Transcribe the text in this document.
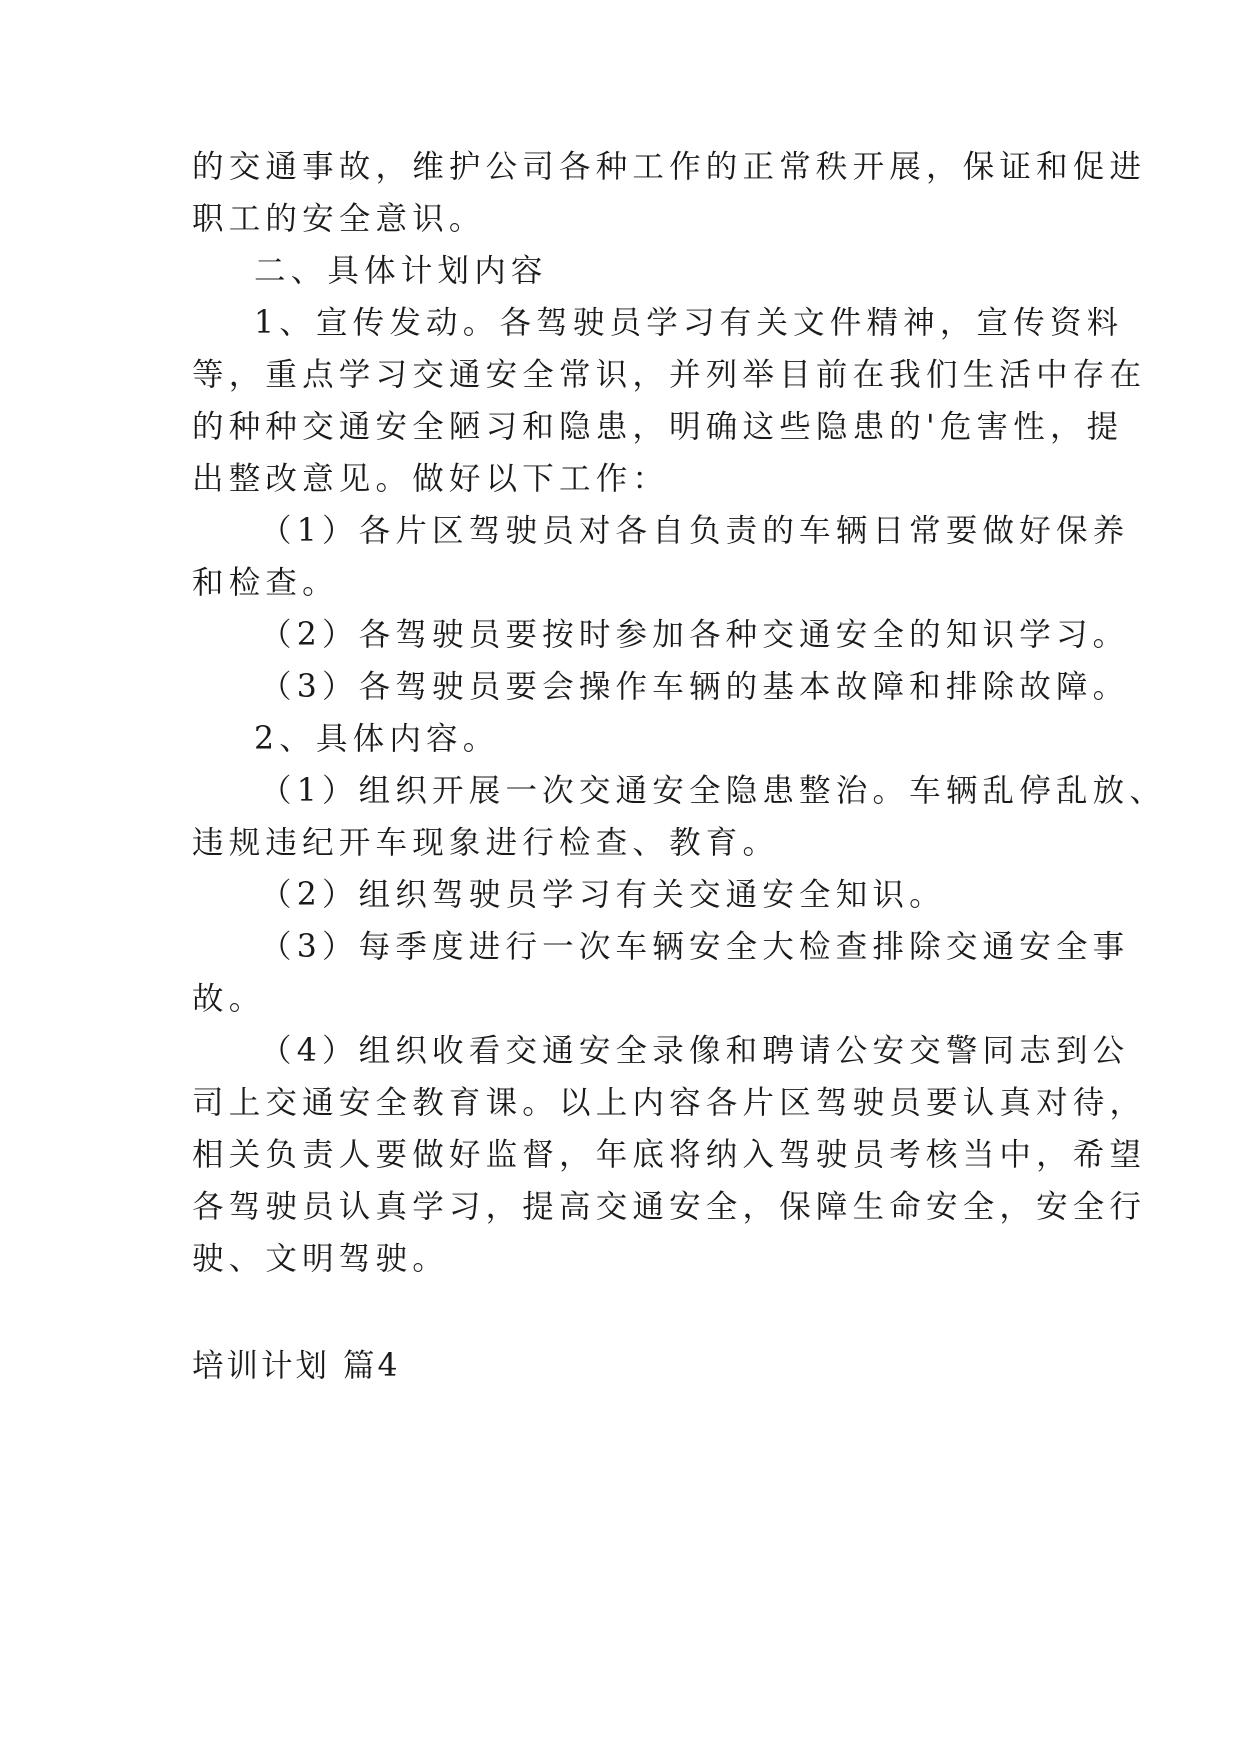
的交通事故，维护公司各种工作的正常秩开展，保证和促进
职工的安全意识。
二、具体计划内容
1、宣传发动。各驾驶员学习有关文件精神，宣传资料
等，重点学习交通安全常识，并列举目前在我们生活中存在
的种种交通安全陋习和隐患，明确这些隐患的'危害性，提
出整改意见。做好以下工作：
（1）各片区驾驶员对各自负责的车辆日常要做好保养
和检查。
（2）各驾驶员要按时参加各种交通安全的知识学习。
（3）各驾驶员要会操作车辆的基本故障和排除故障。
2、具体内容。
（1）组织开展一次交通安全隐患整治。车辆乱停乱放、
违规违纪开车现象进行检查、教育。
（2）组织驾驶员学习有关交通安全知识。
（3）每季度进行一次车辆安全大检查排除交通安全事
故。
（4）组织收看交通安全录像和聘请公安交警同志到公
司上交通安全教育课。以上内容各片区驾驶员要认真对待，
相关负责人要做好监督，年底将纳入驾驶员考核当中，希望
各驾驶员认真学习，提高交通安全，保障生命安全，安全行
驶、文明驾驶。
培训计划 篇4
